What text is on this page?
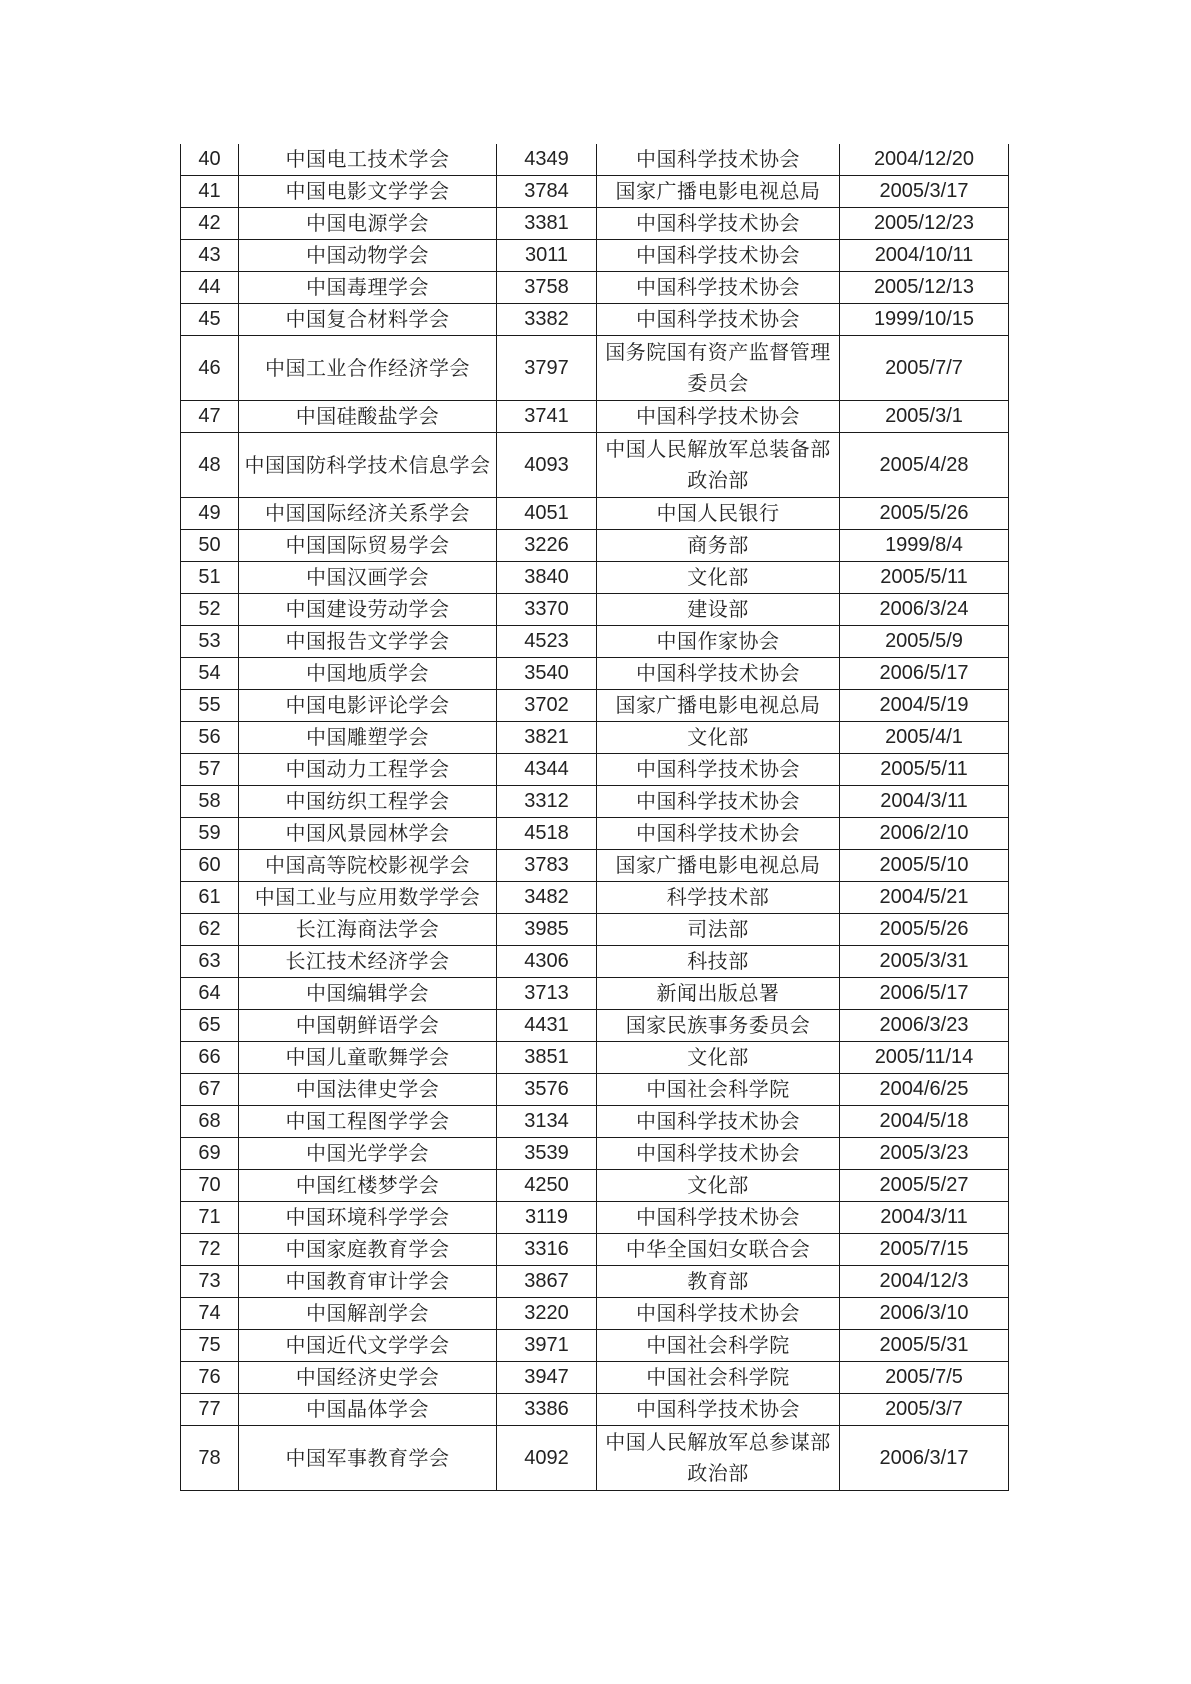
40	中国电工技术学会	4349	中国科学技术协会	2004/12/20
41	中国电影文学学会	3784	国家广播电影电视总局	2005/3/17
42	中国电源学会	3381	中国科学技术协会	2005/12/23
43	中国动物学会	3011	中国科学技术协会	2004/10/11
44	中国毒理学会	3758	中国科学技术协会	2005/12/13
45	中国复合材料学会	3382	中国科学技术协会	1999/10/15
46	中国工业合作经济学会	3797	国务院国有资产监督管理委员会	2005/7/7
47	中国硅酸盐学会	3741	中国科学技术协会	2005/3/1
48	中国国防科学技术信息学会	4093	中国人民解放军总装备部政治部	2005/4/28
49	中国国际经济关系学会	4051	中国人民银行	2005/5/26
50	中国国际贸易学会	3226	商务部	1999/8/4
51	中国汉画学会	3840	文化部	2005/5/11
52	中国建设劳动学会	3370	建设部	2006/3/24
53	中国报告文学学会	4523	中国作家协会	2005/5/9
54	中国地质学会	3540	中国科学技术协会	2006/5/17
55	中国电影评论学会	3702	国家广播电影电视总局	2004/5/19
56	中国雕塑学会	3821	文化部	2005/4/1
57	中国动力工程学会	4344	中国科学技术协会	2005/5/11
58	中国纺织工程学会	3312	中国科学技术协会	2004/3/11
59	中国风景园林学会	4518	中国科学技术协会	2006/2/10
60	中国高等院校影视学会	3783	国家广播电影电视总局	2005/5/10
61	中国工业与应用数学学会	3482	科学技术部	2004/5/21
62	长江海商法学会	3985	司法部	2005/5/26
63	长江技术经济学会	4306	科技部	2005/3/31
64	中国编辑学会	3713	新闻出版总署	2006/5/17
65	中国朝鲜语学会	4431	国家民族事务委员会	2006/3/23
66	中国儿童歌舞学会	3851	文化部	2005/11/14
67	中国法律史学会	3576	中国社会科学院	2004/6/25
68	中国工程图学学会	3134	中国科学技术协会	2004/5/18
69	中国光学学会	3539	中国科学技术协会	2005/3/23
70	中国红楼梦学会	4250	文化部	2005/5/27
71	中国环境科学学会	3119	中国科学技术协会	2004/3/11
72	中国家庭教育学会	3316	中华全国妇女联合会	2005/7/15
73	中国教育审计学会	3867	教育部	2004/12/3
74	中国解剖学会	3220	中国科学技术协会	2006/3/10
75	中国近代文学学会	3971	中国社会科学院	2005/5/31
76	中国经济史学会	3947	中国社会科学院	2005/7/5
77	中国晶体学会	3386	中国科学技术协会	2005/3/7
78	中国军事教育学会	4092	中国人民解放军总参谋部政治部	2006/3/17
